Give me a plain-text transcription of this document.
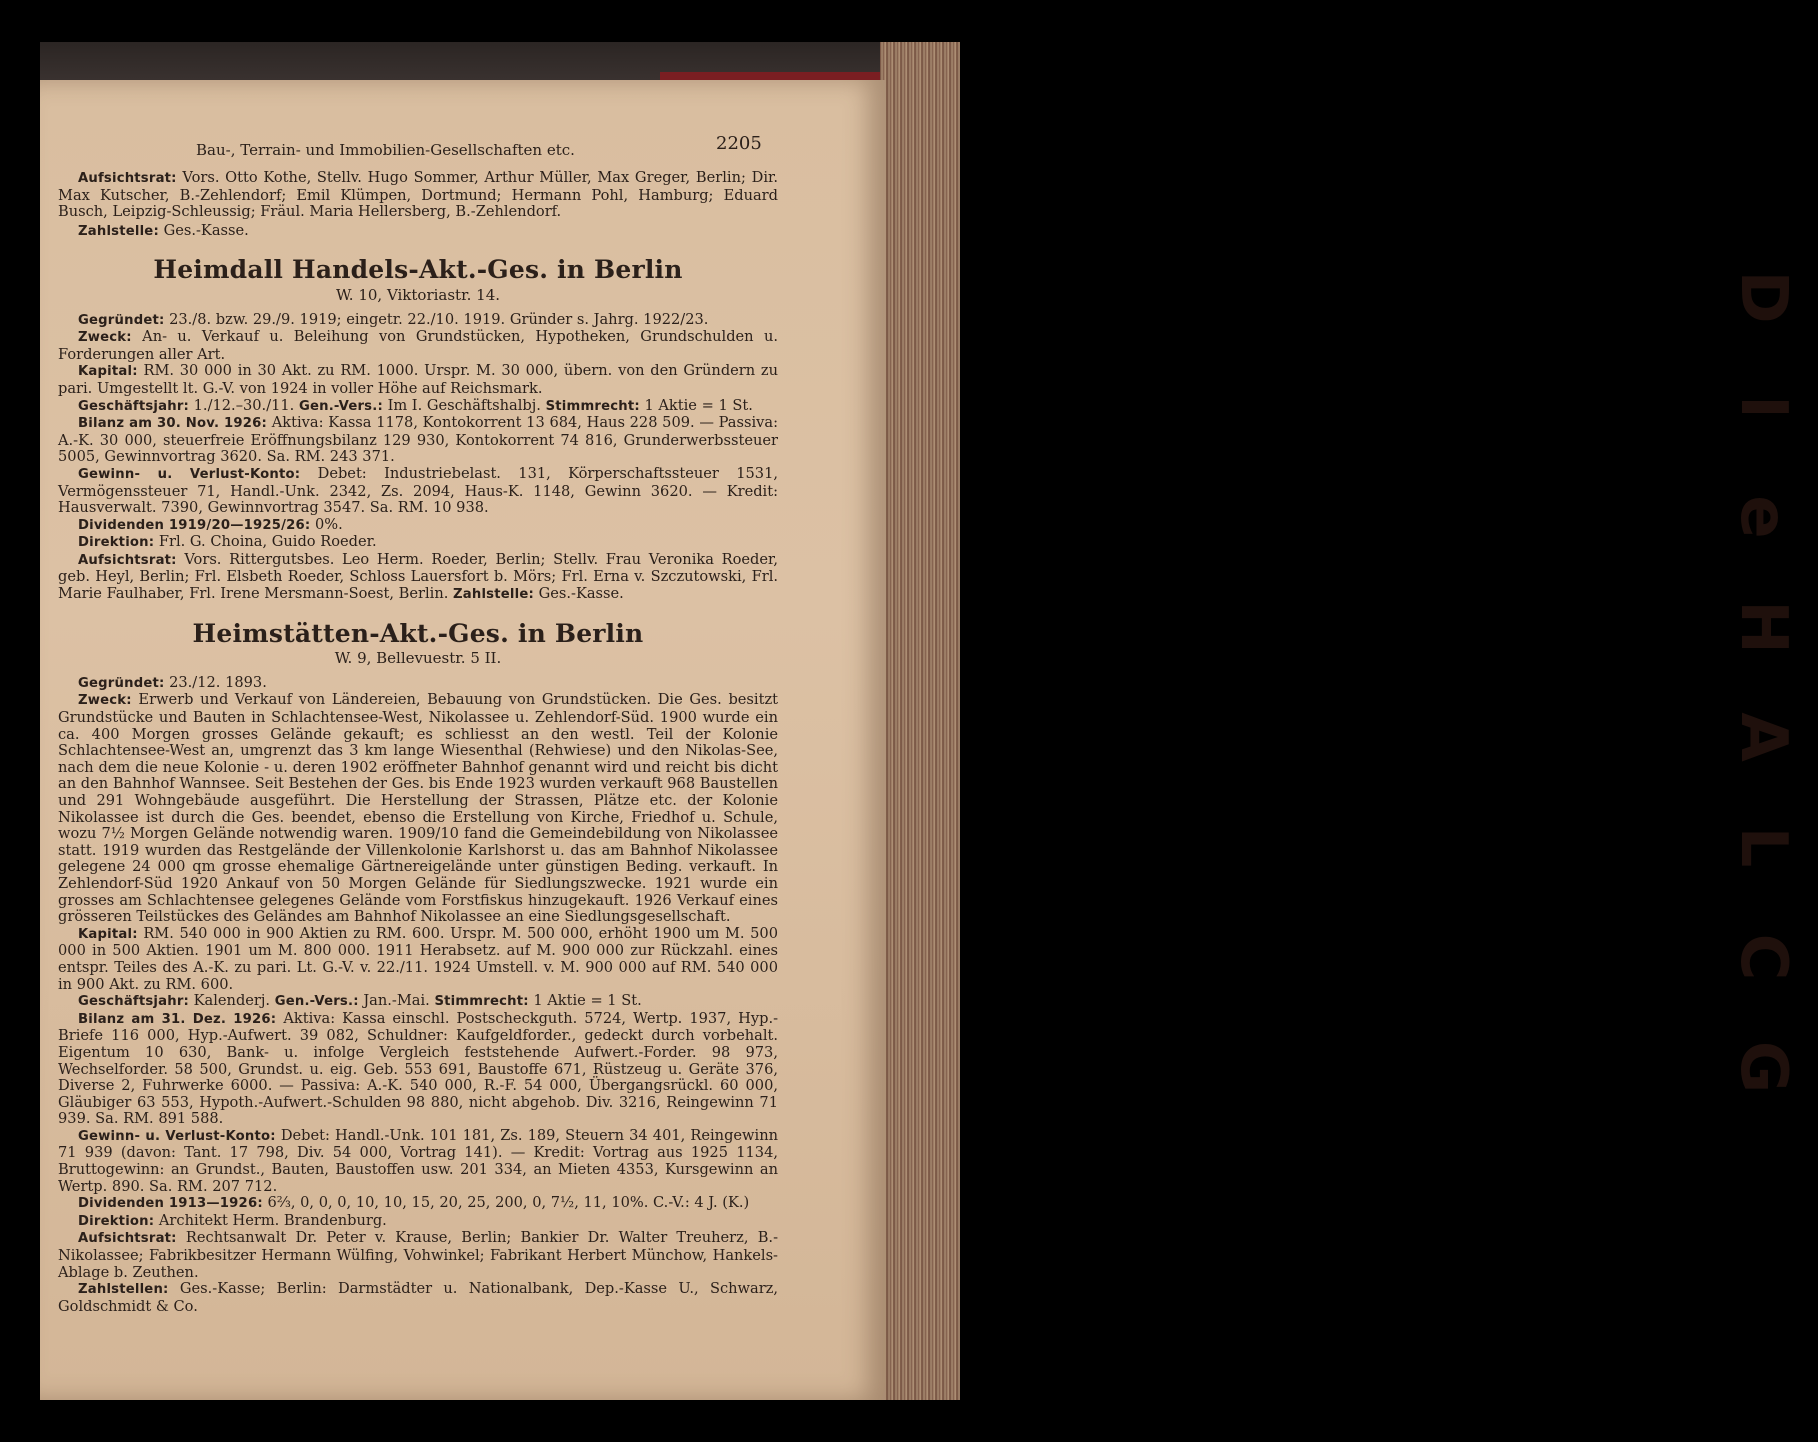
D
I
e
H
A
L
C
G
Bau-, Terrain- und Immobilien-Gesellschaften etc.	2205

Aufsichtsrat: Vors. Otto Kothe, Stellv. Hugo Sommer, Arthur Müller, Max Greger, Berlin; Dir. Max Kutscher, B.-Zehlendorf; Emil Klümpen, Dortmund; Hermann Pohl, Hamburg; Eduard Busch, Leipzig-Schleussig; Fräul. Maria Hellersberg, B.-Zehlendorf.

Zahlstelle: Ges.-Kasse.

Heimdall Handels-Akt.-Ges. in Berlin
W. 10, Viktoriastr. 14.

Gegründet: 23./8. bzw. 29./9. 1919; eingetr. 22./10. 1919. Gründer s. Jahrg. 1922/23.

Zweck: An- u. Verkauf u. Beleihung von Grundstücken, Hypotheken, Grundschulden u. Forderungen aller Art.

Kapital: RM. 30 000 in 30 Akt. zu RM. 1000. Urspr. M. 30 000, übern. von den Gründern zu pari. Umgestellt lt. G.-V. von 1924 in voller Höhe auf Reichsmark.

Geschäftsjahr: 1./12.–30./11. Gen.-Vers.: Im I. Geschäftshalbj. Stimmrecht: 1 Aktie = 1 St.

Bilanz am 30. Nov. 1926: Aktiva: Kassa 1178, Kontokorrent 13 684, Haus 228 509. — Passiva: A.-K. 30 000, steuerfreie Eröffnungsbilanz 129 930, Kontokorrent 74 816, Grunderwerbssteuer 5005, Gewinnvortrag 3620. Sa. RM. 243 371.

Gewinn- u. Verlust-Konto: Debet: Industriebelast. 131, Körperschaftssteuer 1531, Vermögenssteuer 71, Handl.-Unk. 2342, Zs. 2094, Haus-K. 1148, Gewinn 3620. — Kredit: Hausverwalt. 7390, Gewinnvortrag 3547. Sa. RM. 10 938.

Dividenden 1919/20—1925/26: 0%.

Direktion: Frl. G. Choina, Guido Roeder.

Aufsichtsrat: Vors. Rittergutsbes. Leo Herm. Roeder, Berlin; Stellv. Frau Veronika Roeder, geb. Heyl, Berlin; Frl. Elsbeth Roeder, Schloss Lauersfort b. Mörs; Frl. Erna v. Szczutowski, Frl. Marie Faulhaber, Frl. Irene Mersmann-Soest, Berlin. Zahlstelle: Ges.-Kasse.

Heimstätten-Akt.-Ges. in Berlin
W. 9, Bellevuestr. 5 II.

Gegründet: 23./12. 1893.

Zweck: Erwerb und Verkauf von Ländereien, Bebauung von Grundstücken. Die Ges. besitzt Grundstücke und Bauten in Schlachtensee-West, Nikolassee u. Zehlendorf-Süd. 1900 wurde ein ca. 400 Morgen grosses Gelände gekauft; es schliesst an den westl. Teil der Kolonie Schlachtensee-West an, umgrenzt das 3 km lange Wiesenthal (Rehwiese) und den Nikolas-See, nach dem die neue Kolonie - u. deren 1902 eröffneter Bahnhof genannt wird und reicht bis dicht an den Bahnhof Wannsee. Seit Bestehen der Ges. bis Ende 1923 wurden verkauft 968 Baustellen und 291 Wohngebäude ausgeführt. Die Herstellung der Strassen, Plätze etc. der Kolonie Nikolassee ist durch die Ges. beendet, ebenso die Erstellung von Kirche, Friedhof u. Schule, wozu 7½ Morgen Gelände notwendig waren. 1909/10 fand die Gemeindebildung von Nikolassee statt. 1919 wurden das Restgelände der Villenkolonie Karlshorst u. das am Bahnhof Nikolassee gelegene 24 000 qm grosse ehemalige Gärtnereigelände unter günstigen Beding. verkauft. In Zehlendorf-Süd 1920 Ankauf von 50 Morgen Gelände für Siedlungszwecke. 1921 wurde ein grosses am Schlachtensee gelegenes Gelände vom Forstfiskus hinzugekauft. 1926 Verkauf eines grösseren Teilstückes des Geländes am Bahnhof Nikolassee an eine Siedlungsgesellschaft.

Kapital: RM. 540 000 in 900 Aktien zu RM. 600. Urspr. M. 500 000, erhöht 1900 um M. 500 000 in 500 Aktien. 1901 um M. 800 000. 1911 Herabsetz. auf M. 900 000 zur Rückzahl. eines entspr. Teiles des A.-K. zu pari. Lt. G.-V. v. 22./11. 1924 Umstell. v. M. 900 000 auf RM. 540 000 in 900 Akt. zu RM. 600.

Geschäftsjahr: Kalenderj. Gen.-Vers.: Jan.-Mai. Stimmrecht: 1 Aktie = 1 St.

Bilanz am 31. Dez. 1926: Aktiva: Kassa einschl. Postscheckguth. 5724, Wertp. 1937, Hyp.-Briefe 116 000, Hyp.-Aufwert. 39 082, Schuldner: Kaufgeldforder., gedeckt durch vorbehalt. Eigentum 10 630, Bank- u. infolge Vergleich feststehende Aufwert.-Forder. 98 973, Wechselforder. 58 500, Grundst. u. eig. Geb. 553 691, Baustoffe 671, Rüstzeug u. Geräte 376, Diverse 2, Fuhrwerke 6000. — Passiva: A.-K. 540 000, R.-F. 54 000, Übergangsrückl. 60 000, Gläubiger 63 553, Hypoth.-Aufwert.-Schulden 98 880, nicht abgehob. Div. 3216, Reingewinn 71 939. Sa. RM. 891 588.

Gewinn- u. Verlust-Konto: Debet: Handl.-Unk. 101 181, Zs. 189, Steuern 34 401, Reingewinn 71 939 (davon: Tant. 17 798, Div. 54 000, Vortrag 141). — Kredit: Vortrag aus 1925 1134, Bruttogewinn: an Grundst., Bauten, Baustoffen usw. 201 334, an Mieten 4353, Kursgewinn an Wertp. 890. Sa. RM. 207 712.

Dividenden 1913—1926: 6⅔, 0, 0, 0, 10, 10, 15, 20, 25, 200, 0, 7½, 11, 10%. C.-V.: 4 J. (K.)

Direktion: Architekt Herm. Brandenburg.

Aufsichtsrat: Rechtsanwalt Dr. Peter v. Krause, Berlin; Bankier Dr. Walter Treuherz, B.-Nikolassee; Fabrikbesitzer Hermann Wülfing, Vohwinkel; Fabrikant Herbert Münchow, Hankels-Ablage b. Zeuthen.

Zahlstellen: Ges.-Kasse; Berlin: Darmstädter u. Nationalbank, Dep.-Kasse U., Schwarz, Goldschmidt & Co.
